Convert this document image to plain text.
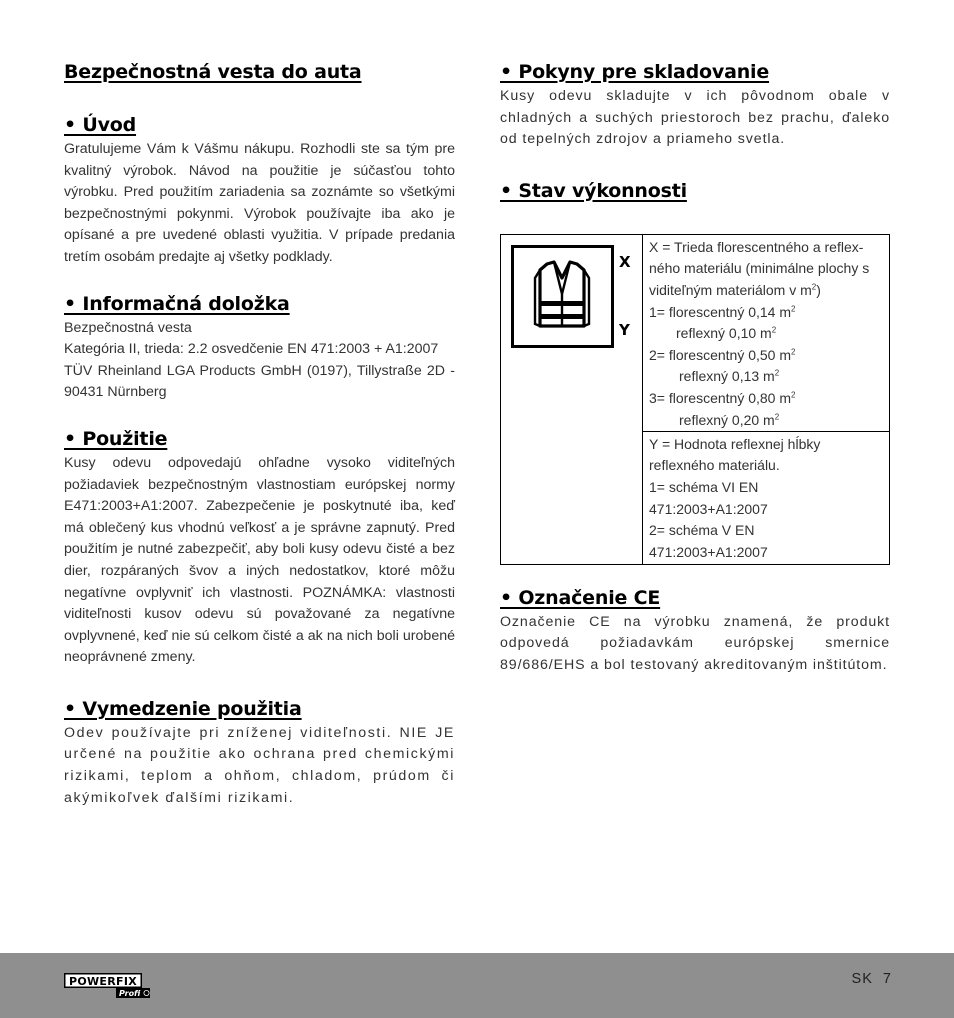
Bezpečnostná vesta do auta
• Úvod

Gratulujeme Vám k Vášmu nákupu. Rozhodli ste sa tým pre kvalitný výrobok. Návod na použitie je súčasťou tohto výrobku. Pred použitím zariadenia sa zoznámte so všetkými bezpečnostnými pokynmi. Výrobok používajte iba ako je opísané a pre uvedené oblasti využitia. V prípade predania tretím osobám predajte aj všetky podklady.

• Informačná doložka

Bezpečnostná vesta

Kategória II, trieda: 2.2 osvedčenie EN 471:2003 + A1:2007

TÜV Rheinland LGA Products GmbH (0197), Tillystraße 2D - 90431 Nürnberg

• Použitie

Kusy odevu odpovedajú ohľadne vysoko viditeľných požiadaviek bezpečnostným vlastnostiam európskej normy E471:2003+A1:2007. Zabezpečenie je poskytnuté iba, keď má oblečený kus vhodnú veľkosť a je správne zapnutý. Pred použitím je nutné zabezpečiť, aby boli kusy odevu čisté a bez dier, rozpáraných švov a iných nedostatkov, ktoré môžu negatívne ovplyvniť ich vlastnosti. POZNÁMKA: vlastnosti viditeľnosti kusov odevu sú považované za negatívne ovplyvnené, keď nie sú celkom čisté a ak na nich boli urobené neoprávnené zmeny.

• Vymedzenie použitia

Odev používajte pri zníženej viditeľnosti. NIE JE určené na použitie ako ochrana pred chemickými rizikami, teplom a ohňom, chladom, prúdom či akýmikoľvek ďalšími rizikami.

• Pokyny pre skladovanie

Kusy odevu skladujte v ich pôvodnom obale v chladných a suchých priestoroch bez prachu, ďaleko od tepelných zdrojov a priameho svetla.

• Stav výkonnosti
X
Y

X = Trieda florescentného a reflex-ného materiálu (minimálne plochy s viditeľným materiálom v $m^2$)

1= florescentný 0,14 $m^2$

reflexný 0,10 $m^2$

2= florescentný 0,50 $m^2$

reflexný 0,13 $m^2$

3= florescentný 0,80 $m^2$

reflexný 0,20 $m^2$

Y = Hodnota reflexnej hĺbky reflexného materiálu.

1= schéma VI EN

471:2003+A1:2007

2= schéma V EN

471:2003+A1:2007

• Označenie CE

Označenie CE na výrobku znamená, že produkt odpovedá požiadavkám európskej smernice 89/686/EHS a bol testovaný akreditovaným inštitútom.

POWERFIX
Profi
SK  7
